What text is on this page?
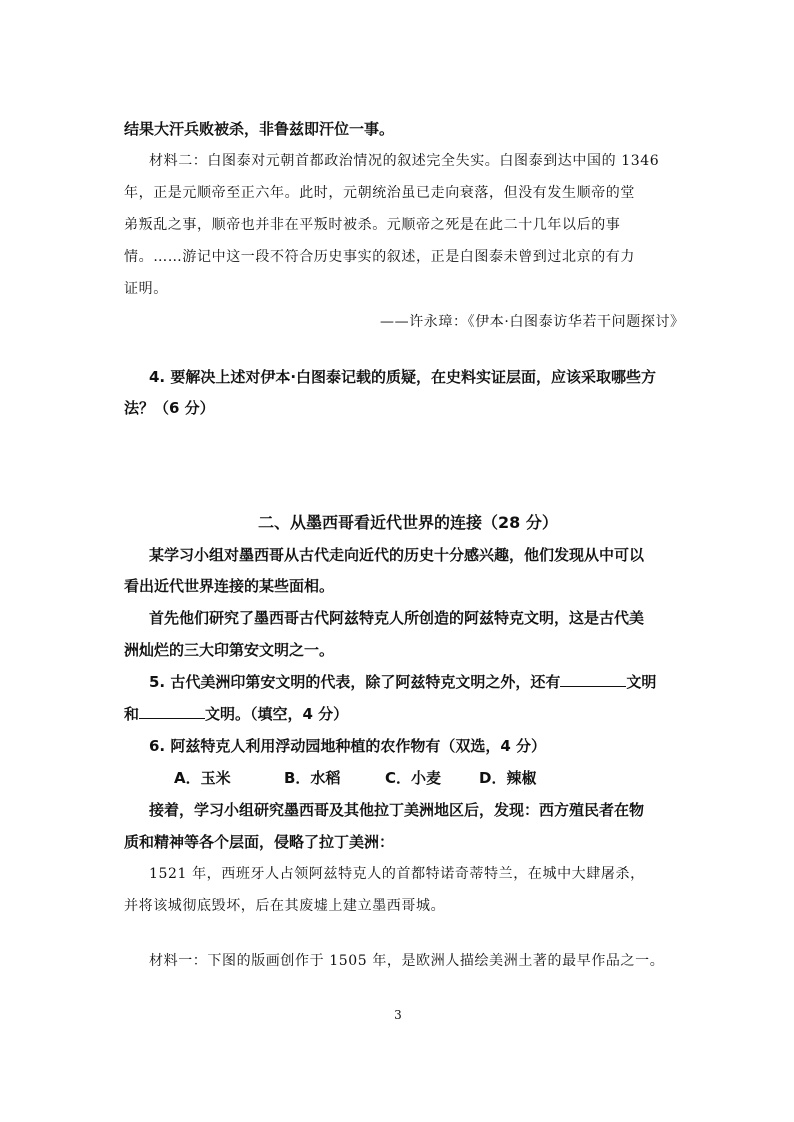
结果大汗兵败被杀，非鲁兹即汗位一事。
材料二：白图泰对元朝首都政治情况的叙述完全失实。白图泰到达中国的 1346
年，正是元顺帝至正六年。此时，元朝统治虽已走向衰落，但没有发生顺帝的堂
弟叛乱之事，顺帝也并非在平叛时被杀。元顺帝之死是在此二十几年以后的事
情。……游记中这一段不符合历史事实的叙述，正是白图泰未曾到过北京的有力
证明。
——许永璋：《伊本·白图泰访华若干问题探讨》
4. 要解决上述对伊本·白图泰记载的质疑，在史料实证层面，应该采取哪些方
法？（6 分）
二、从墨西哥看近代世界的连接（28 分）
某学习小组对墨西哥从古代走向近代的历史十分感兴趣，他们发现从中可以
看出近代世界连接的某些面相。
首先他们研究了墨西哥古代阿兹特克人所创造的阿兹特克文明，这是古代美
洲灿烂的三大印第安文明之一。
5. 古代美洲印第安文明的代表，除了阿兹特克文明之外，还有	文明
和	文明。（填空，4 分）
6. 阿兹特克人利用浮动园地种植的农作物有（双选，4 分）
A．玉米	B．水稻	C．小麦	D．辣椒
接着，学习小组研究墨西哥及其他拉丁美洲地区后，发现：西方殖民者在物
质和精神等各个层面，侵略了拉丁美洲：
1521 年，西班牙人占领阿兹特克人的首都特诺奇蒂特兰，在城中大肆屠杀，
并将该城彻底毁坏，后在其废墟上建立墨西哥城。
材料一：下图的版画创作于 1505 年，是欧洲人描绘美洲土著的最早作品之一。
3
